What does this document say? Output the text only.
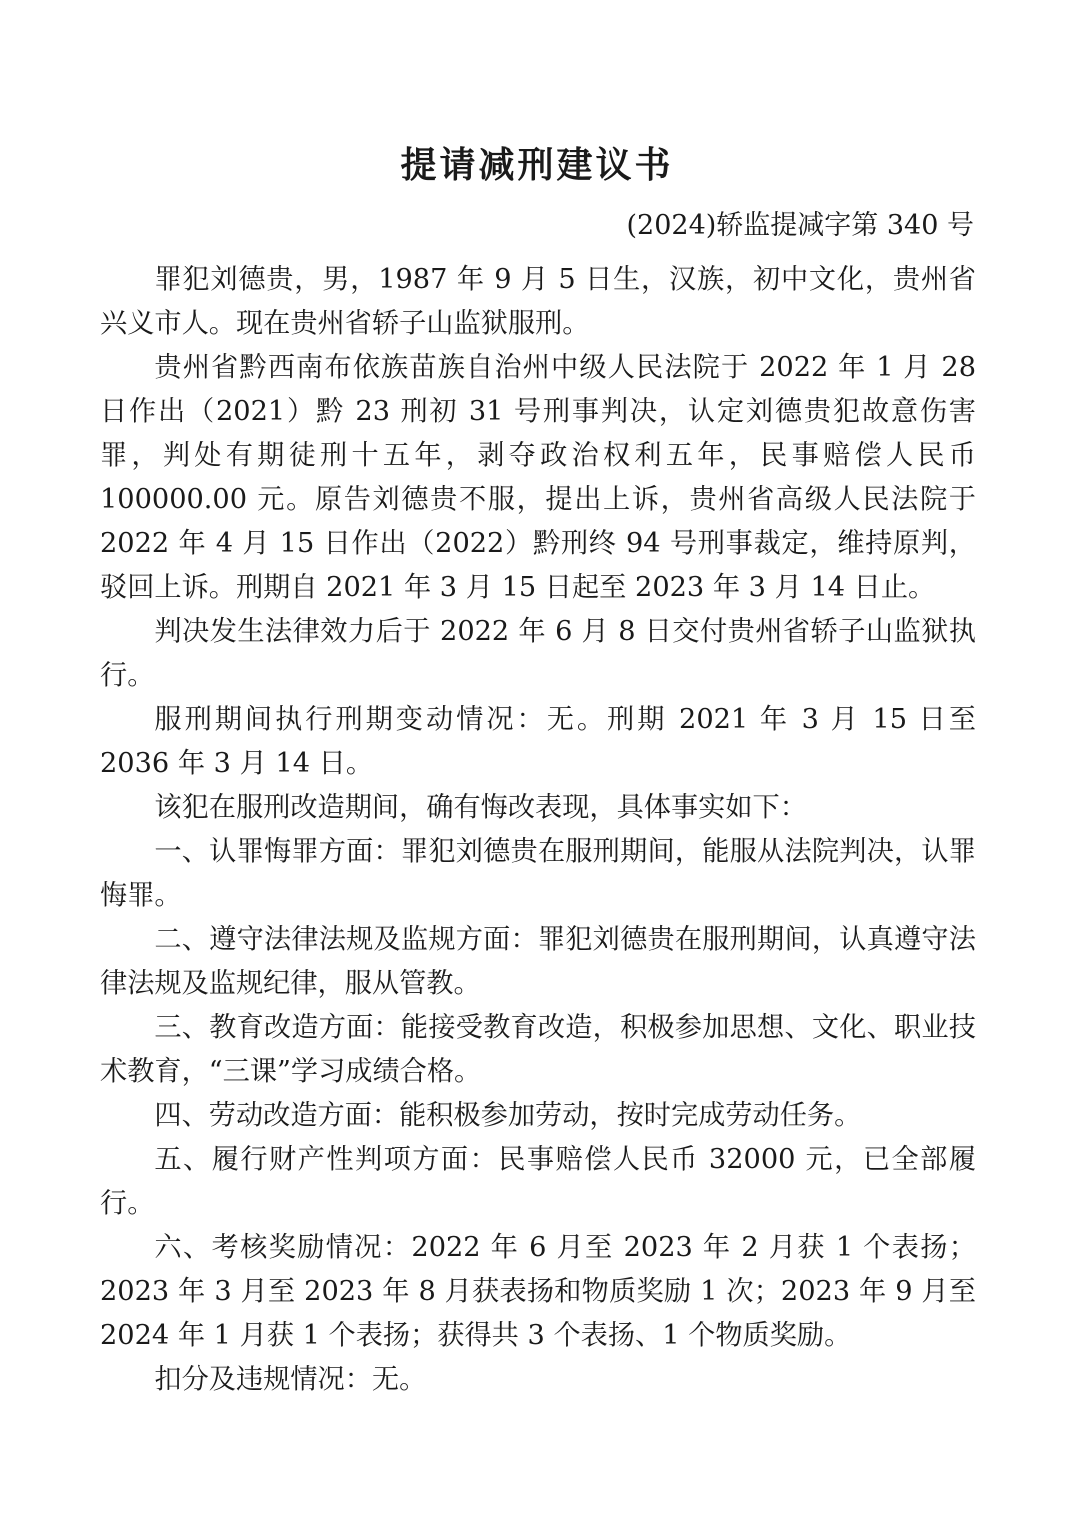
提请减刑建议书
(2024)轿监提减字第 340 号

罪犯刘德贵，男，1987 年 9 月 5 日生，汉族，初中文化，贵州省兴义市人。现在贵州省轿子山监狱服刑。

贵州省黔西南布依族苗族自治州中级人民法院于 2022 年 1 月 28 日作出（2021）黔 23 刑初 31 号刑事判决，认定刘德贵犯故意伤害罪，判处有期徒刑十五年，剥夺政治权利五年，民事赔偿人民币 100000.00 元。原告刘德贵不服，提出上诉，贵州省高级人民法院于 2022 年 4 月 15 日作出（2022）黔刑终 94 号刑事裁定，维持原判，驳回上诉。刑期自 2021 年 3 月 15 日起至 2023 年 3 月 14 日止。

判决发生法律效力后于 2022 年 6 月 8 日交付贵州省轿子山监狱执行。

服刑期间执行刑期变动情况：无。刑期 2021 年 3 月 15 日至 2036 年 3 月 14 日。

该犯在服刑改造期间，确有悔改表现，具体事实如下：

一、认罪悔罪方面：罪犯刘德贵在服刑期间，能服从法院判决，认罪悔罪。

二、遵守法律法规及监规方面：罪犯刘德贵在服刑期间，认真遵守法律法规及监规纪律，服从管教。

三、教育改造方面：能接受教育改造，积极参加思想、文化、职业技术教育，“三课”学习成绩合格。

四、劳动改造方面：能积极参加劳动，按时完成劳动任务。

五、履行财产性判项方面：民事赔偿人民币 32000 元，已全部履行。

六、考核奖励情况：2022 年 6 月至 2023 年 2 月获 1 个表扬；2023 年 3 月至 2023 年 8 月获表扬和物质奖励 1 次；2023 年 9 月至 2024 年 1 月获 1 个表扬；获得共 3 个表扬、1 个物质奖励。

扣分及违规情况：无。
